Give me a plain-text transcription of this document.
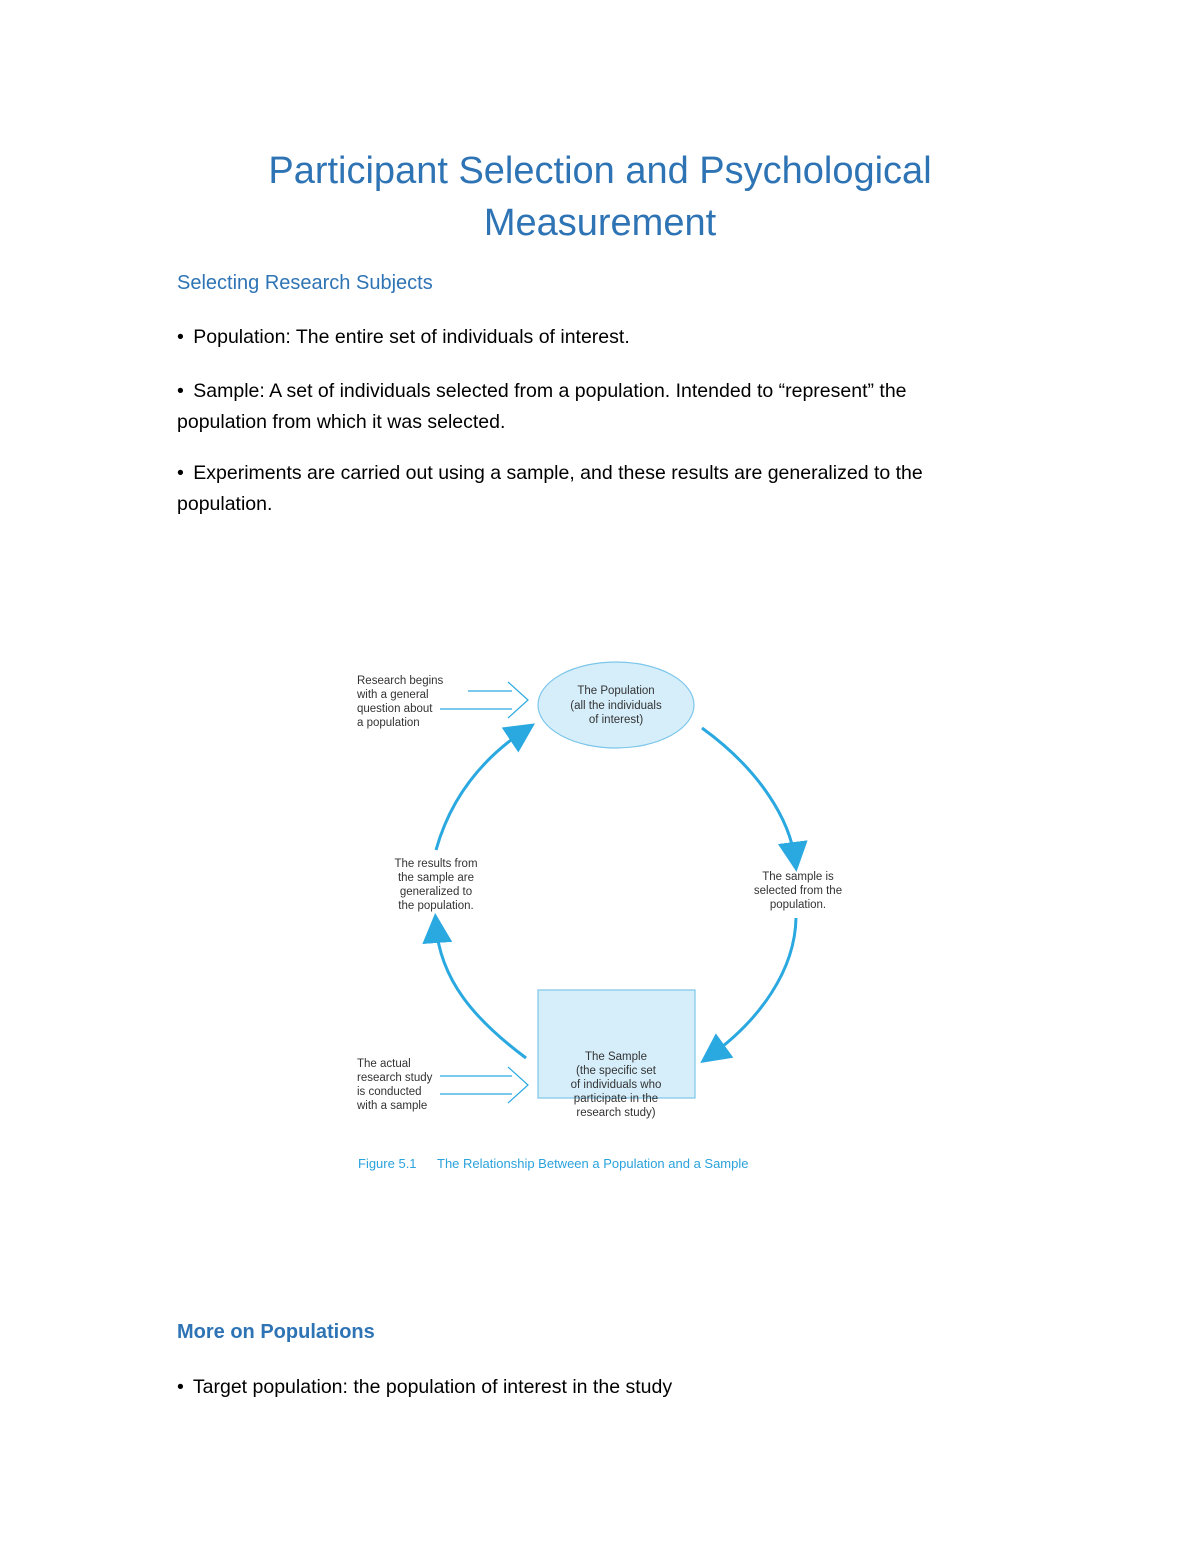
Participant Selection and Psychological
Measurement
Selecting Research Subjects

• Population: The entire set of individuals of interest.

• Sample: A set of individuals selected from a population. Intended to “represent” the
population from which it was selected.

• Experiments are carried out using a sample, and these results are generalized to the
population.

The Population
(all the individuals
of interest)
The Sample
(the specific set
of individuals who
participate in the
research study)
Research begins
with a general
question about
a population
The actual
research study
is conducted
with a sample
The results from
the sample are
generalized to
the population.
The sample is
selected from the
population.
Figure 5.1 The Relationship Between a Population and a Sample
More on Populations

• Target population: the population of interest in the study
